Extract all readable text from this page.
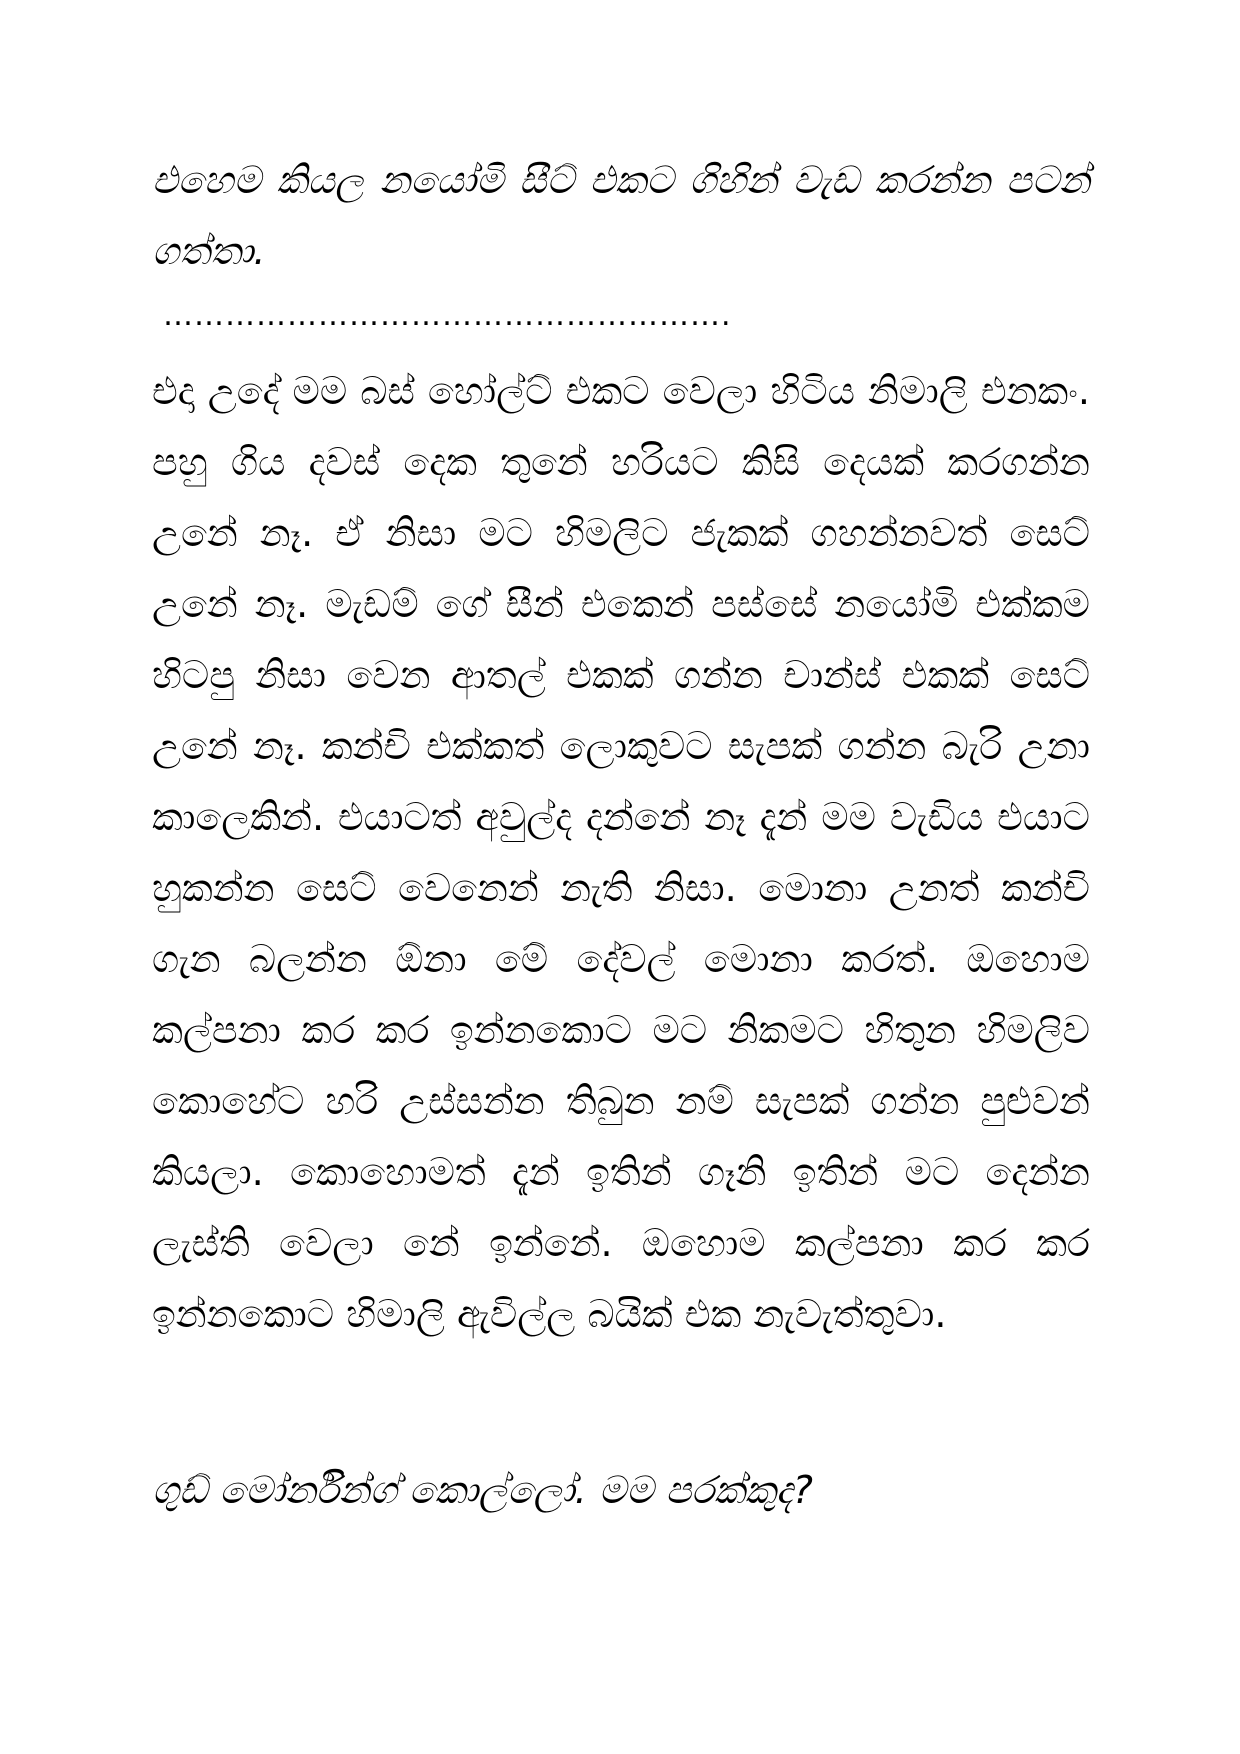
එහෙම කියල නයෝමි සීට් එකට ගිහින් වැඩ කරන්න පටන් ගත්තා.

……………………………………………….

එදා උදේ මම බස් හෝල්ට් එකට වෙලා හිටිය නිමාලි එනකං. පහු ගිය දවස් දෙක තුනේ හරියට කිසි දෙයක් කරගන්න උනේ නෑ. ඒ නිසා මට හිමලිට ජැකක් ගහන්නවත් සෙට් උනේ නෑ. මැඩම් ගේ සීන් එකෙන් පස්සේ නයෝමි එක්කම හිටපු නිසා වෙන ආතල් එකක් ගන්න චාන්ස් එකක් සෙට් උනේ නෑ. කන්චි එක්කත් ලොකුවට සැපක් ගන්න බැරි උනා කාලෙකින්. එයාටත් අවුල්ද දන්නේ නෑ දැන් මම වැඩිය එයාට හුකන්න සෙට් වෙනෙන් නැති නිසා. මොනා උනත් කන්චි ගැන බලන්න ඕනා මේ දේවල් මොනා කරත්. ඔහොම කල්පනා කර කර ඉන්නකොට මට නිකමට හිතුන හිමලිව කොහේට හරි උස්සන්න තිබුන නම් සැපක් ගන්න පුළුවන් කියලා. කොහොමත් දැන් ඉතින් ගෑනි ඉතින් මට දෙන්න ලැස්ති වෙලා නේ ඉන්නේ. ඔහොම කල්පනා කර කර ඉන්නකොට හිමාලි ඇවිල්ල බයික් එක නැවැත්තුවා.

ගුඩ් මෝර්නින්ග් කොල්ලෝ. මම පරක්කුද?
